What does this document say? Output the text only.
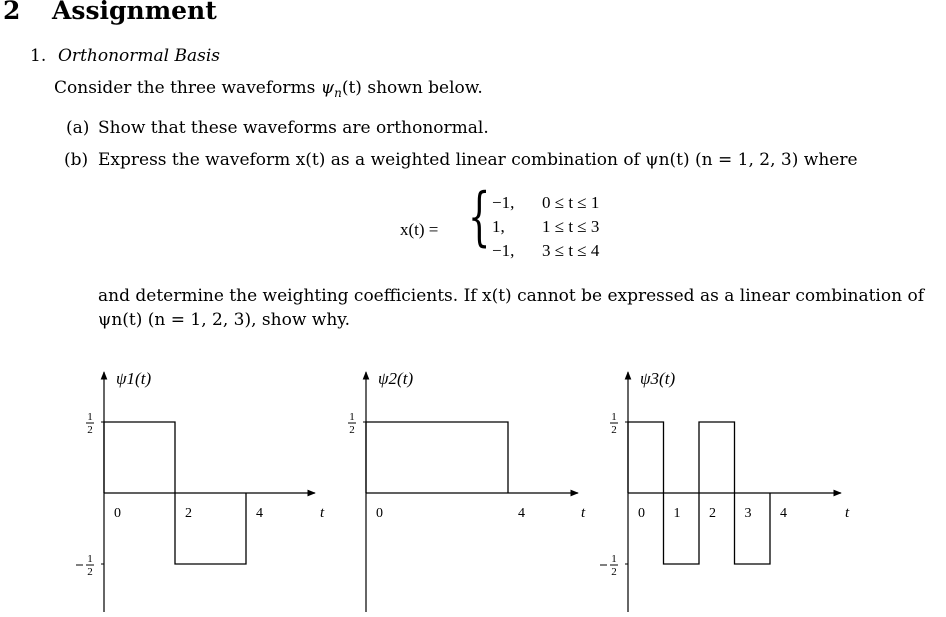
2 Assignment
1. Orthonormal Basis
Consider the three waveforms $\psi_n(t)$ shown below.
(a) Show that these waveforms are orthonormal.
(b) Express the waveform x(t) as a weighted linear combination of ψn(t) (n = 1, 2, 3) where
x(t) = { −1, 0 ≤ t ≤ 1
1, 1 ≤ t ≤ 3
−1, 3 ≤ t ≤ 4
and determine the weighting coefficients. If x(t) cannot be expressed as a linear combination of
ψn(t) (n = 1, 2, 3), show why.
ψ1(t)
1
2
1
2
0	2	4	t
ψ2(t)
1
2
0	4	t
ψ3(t)
1
2
1
2
0 1 2 3 4	t
